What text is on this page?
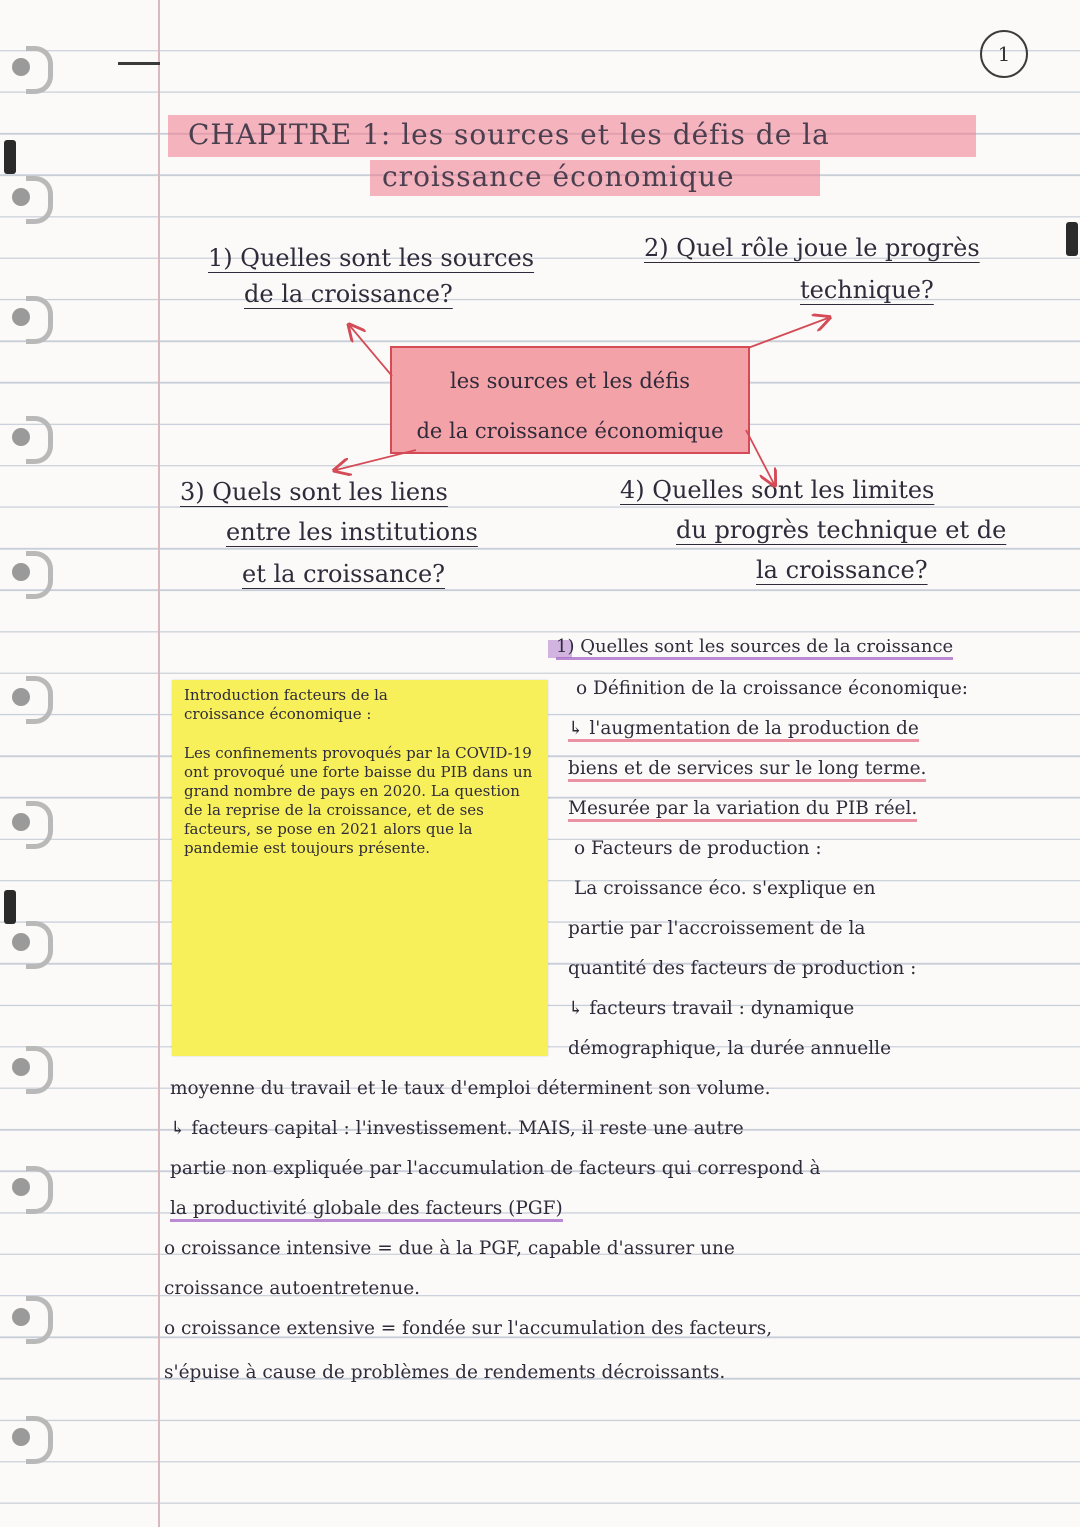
1

CHAPITRE 1: les sources et les défis de la

croissance économique

1) Quelles sont les sources

de la croissance?

2) Quel rôle joue le progrès

technique?

les sources et les défis
de la croissance économique

3) Quels sont les liens

entre les institutions

et la croissance?

4) Quelles sont les limites

du progrès technique et de

la croissance?

Introduction facteurs de la
croissance économique :
Les confinements provoqués par la COVID-19 ont provoqué une forte baisse du PIB dans un grand nombre de pays en 2020. La question de la reprise de la croissance, et de ses facteurs, se pose en 2021 alors que la pandemie est toujours présente.

1) Quelles sont les sources de la croissance

o Définition de la croissance économique:

↳ l'augmentation de la production de

biens et de services sur le long terme.

Mesurée par la variation du PIB réel.

o Facteurs de production :

La croissance éco. s'explique en

partie par l'accroissement de la

quantité des facteurs de production :

↳ facteurs travail : dynamique

démographique, la durée annuelle

moyenne du travail et le taux d'emploi déterminent son volume.

↳ facteurs capital : l'investissement. MAIS, il reste une autre

partie non expliquée par l'accumulation de facteurs qui correspond à

la productivité globale des facteurs (PGF)

o croissance intensive = due à la PGF, capable d'assurer une

croissance autoentretenue.

o croissance extensive = fondée sur l'accumulation des facteurs,

s'épuise à cause de problèmes de rendements décroissants.
